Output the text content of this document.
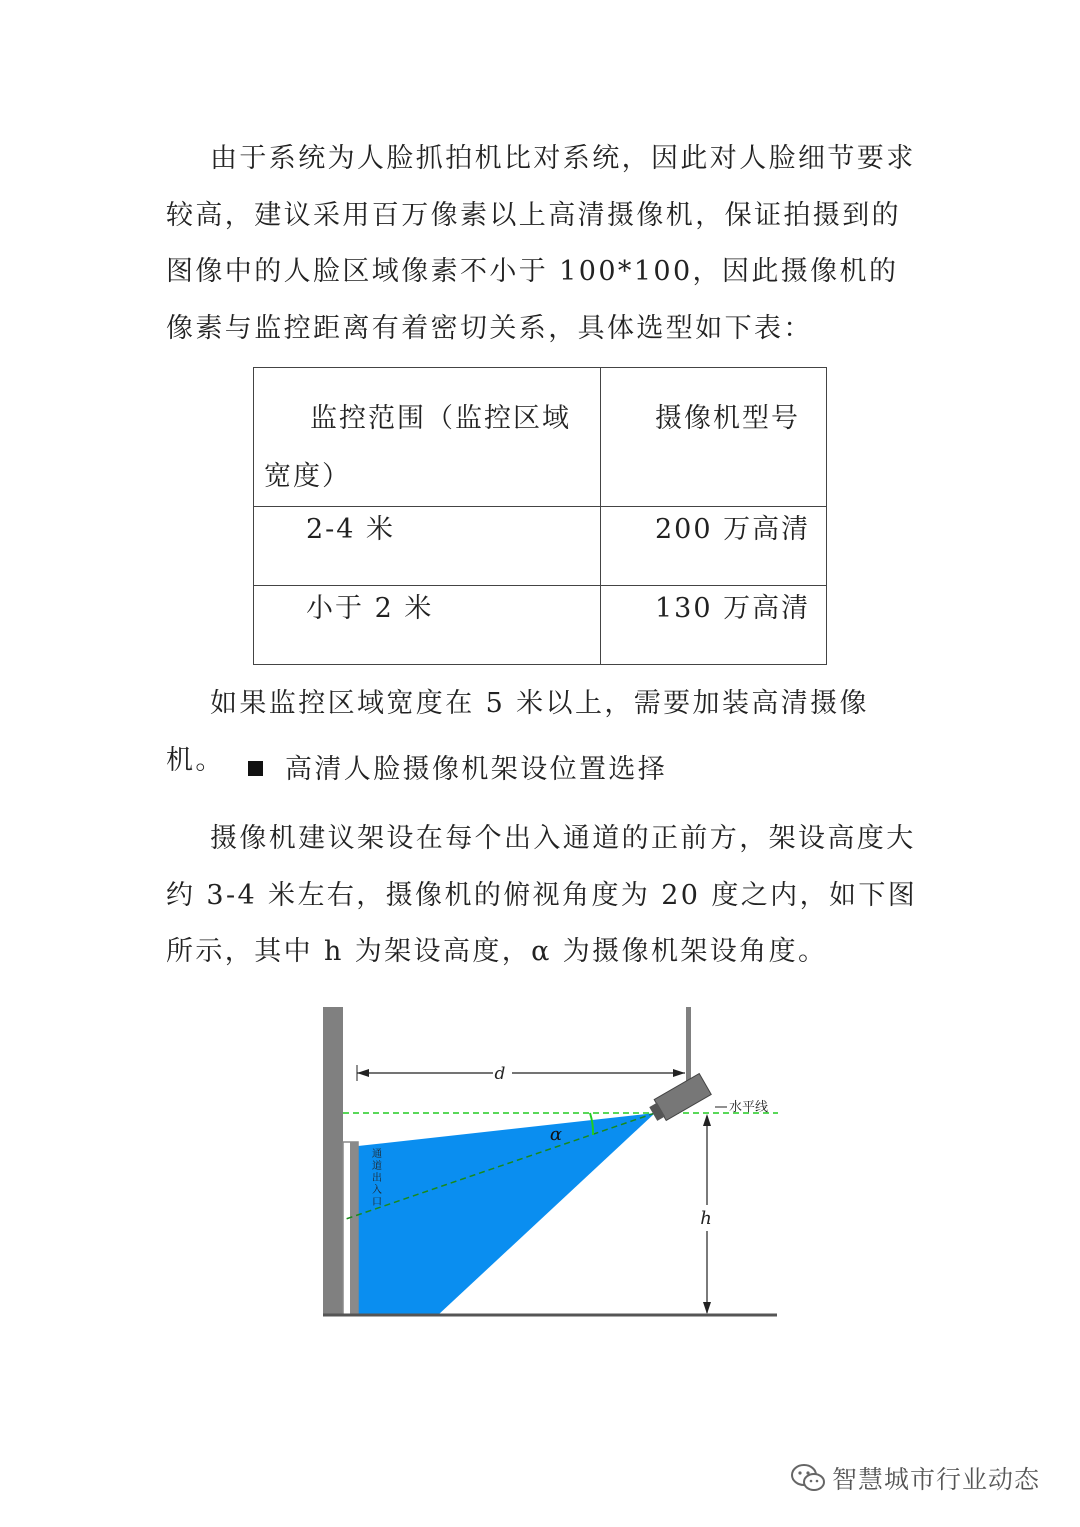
由于系统为人脸抓拍机比对系统，因此对人脸细节要求较高，建议采用百万像素以上高清摄像机，保证拍摄到的图像中的人脸区域像素不小于 100*100，因此摄像机的像素与监控距离有着密切关系，具体选型如下表：

监控范围（监控区域宽度）	摄像机型号

2-4 米	200 万高清
小于 2 米	130 万高清

如果监控区域宽度在 5 米以上，需要加装高清摄像机。	高清人脸摄像机架设位置选择

摄像机建议架设在每个出入通道的正前方，架设高度大约 3-4 米左右，摄像机的俯视角度为 20 度之内，如下图所示，其中 h 为架设高度，α 为摄像机架设角度。

d
h
α
水平线
通道出入口
智慧城市行业动态
